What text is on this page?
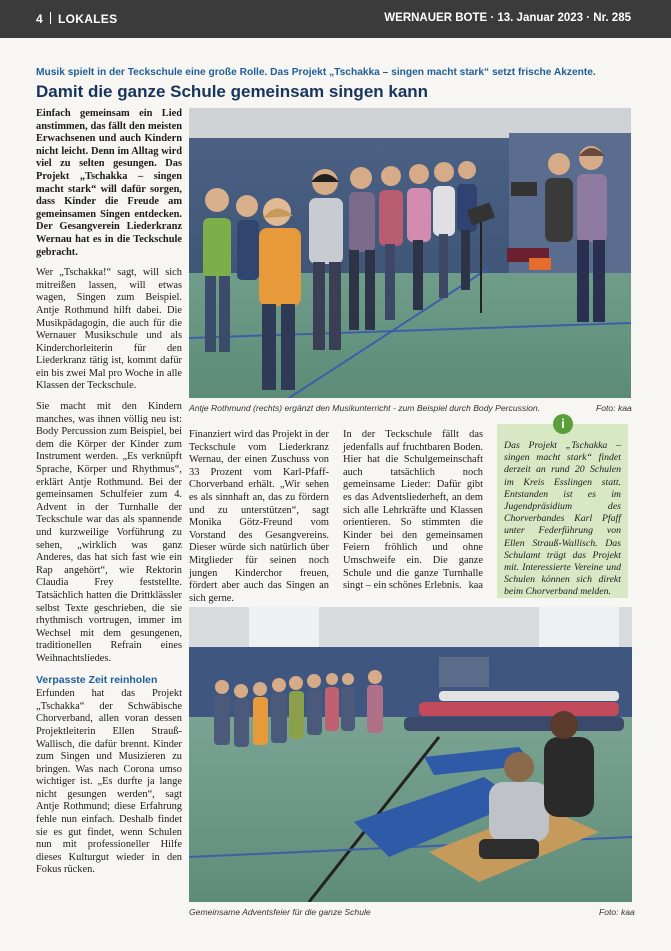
4 LOKALES	WERNAUER BOTE · 13. Januar 2023 · Nr. 285
Musik spielt in der Teckschule eine große Rolle. Das Projekt „Tschakka – singen macht stark“ setzt frische Akzente.
Damit die ganze Schule gemeinsam singen kann

Einfach gemeinsam ein Lied anstimmen, das fällt den meisten Erwachsenen und auch Kindern nicht leicht. Denn im Alltag wird viel zu selten gesungen. Das Projekt „Tschakka – singen macht stark“ will dafür sorgen, dass Kinder die Freude am gemeinsamen Singen entdecken. Der Gesangverein Liederkranz Wernau hat es in die Teckschule gebracht.

Wer „Tschakka!“ sagt, will sich mitreißen lassen, will etwas wagen, Singen zum Beispiel. Antje Rothmund hilft dabei. Die Musikpädagogin, die auch für die Wernauer Musikschule und als Kinderchorleiterin für den Liederkranz tätig ist, kommt dafür ein bis zwei Mal pro Woche in alle Klassen der Teckschule.

Sie macht mit den Kindern manches, was ihnen völlig neu ist: Body Percussion zum Beispiel, bei dem die Körper der Kinder zum Instrument werden. „Es verknüpft Sprache, Körper und Rhythmus“, erklärt Antje Rothmund. Bei der gemeinsamen Schulfeier zum 4. Advent in der Turnhalle der Teckschule war das als spannende und kurzweilige Vorführung zu sehen, „wirklich was ganz Anderes, das hat sich fast wie ein Rap angehört“, wie Rektorin Claudia Frey feststellte. Tatsächlich hatten die Drittklässler selbst Texte geschrieben, die sie rhythmisch vortrugen, immer im Wechsel mit dem gesungenen, traditionellen Refrain eines Weihnachtsliedes.

Verpasste Zeit reinholen

Erfunden hat das Projekt „Tschakka“ der Schwäbische Chorverband, allen voran dessen Projektleiterin Ellen Strauß-Wallisch, die dafür brennt. Kinder zum Singen und Musizieren zu bringen. Was nach Corona umso wichtiger ist. „Es durfte ja lange nicht gesungen werden“, sagt Antje Rothmund; diese Erfahrung fehle nun einfach. Deshalb findet sie es gut findet, wenn Schulen nun mit professioneller Hilfe dieses Kulturgut wieder in den Fokus rücken.

Antje Rothmund (rechts) ergänzt den Musikunterricht - zum Beispiel durch Body Percussion.	Foto: kaa

Finanziert wird das Projekt in der Teckschule vom Liederkranz Wernau, der einen Zuschuss von 33 Prozent vom Karl-Pfaff-Chorverband erhält. „Wir sehen es als sinnhaft an, das zu fördern und zu unterstützen“, sagt Monika Götz-Freund vom Vorstand des Gesangvereins. Dieser würde sich natürlich über Mitglieder für seinen noch jungen Kinderchor freuen, fördert aber auch das Singen an sich gerne.

In der Teckschule fällt das jedenfalls auf fruchtbaren Boden. Hier hat die Schulgemeinschaft auch tatsächlich noch gemeinsame Lieder: Dafür gibt es das Adventsliederheft, an dem sich alle Lehrkräfte und Klassen orientieren. So stimmten die Kinder bei den gemeinsamen Feiern fröhlich und ohne Umschweife ein. Die ganze Schule und die ganze Turnhalle singt – ein schönes Erlebnis. kaa

Das Projekt „Tschakka – singen macht stark“ findet derzeit an rund 20 Schulen im Kreis Esslingen statt. Entstanden ist es im Jugendpräsidium des Chorverbandes Karl Pfaff unter Federführung von Ellen Strauß-Wallisch. Das Schulamt trägt das Projekt mit. Interessierte Vereine und Schulen können sich direkt beim Chorverband melden.
i
Gemeinsame Adventsfeier für die ganze Schule	Foto: kaa
